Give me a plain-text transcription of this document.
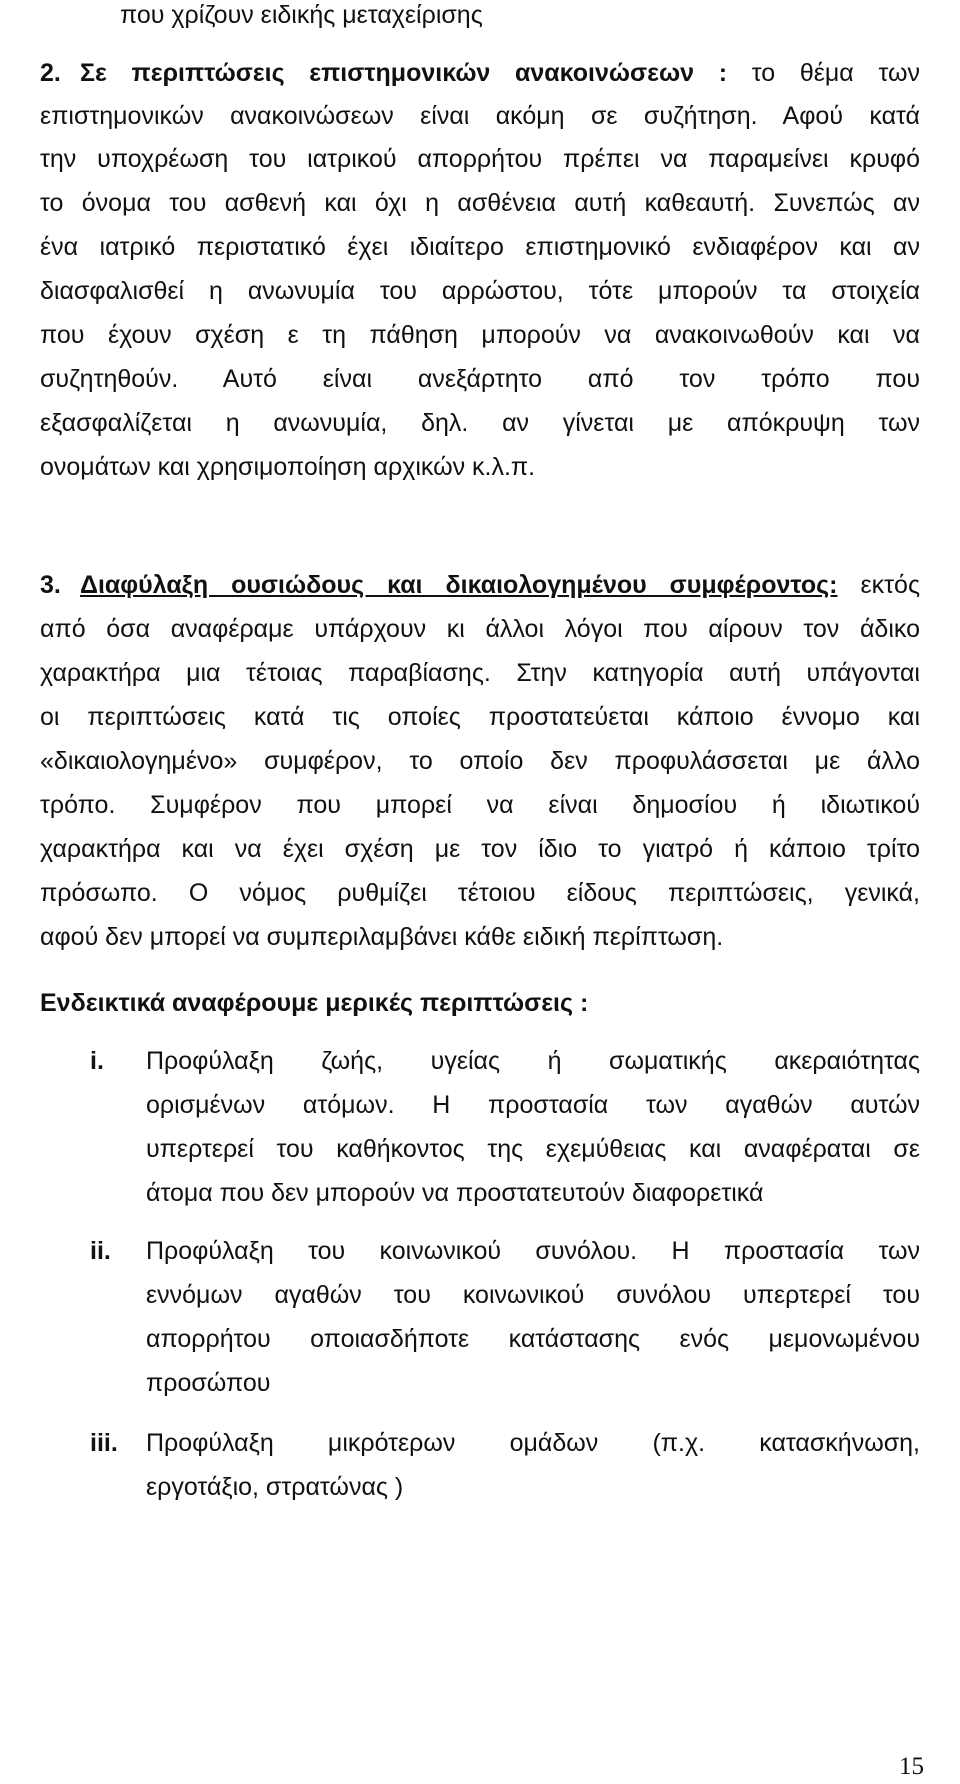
που χρίζουν ειδικής μεταχείρισης
2. Σε περιπτώσεις επιστημονικών ανακοινώσεων : το θέμα των
επιστημονικών ανακοινώσεων είναι ακόμη σε συζήτηση. Αφού κατά
την υποχρέωση του ιατρικού απορρήτου πρέπει να παραμείνει κρυφό
το όνομα του ασθενή και όχι η ασθένεια αυτή καθεαυτή. Συνεπώς αν
ένα ιατρικό περιστατικό έχει ιδιαίτερο επιστημονικό ενδιαφέρον και αν
διασφαλισθεί η ανωνυμία του αρρώστου, τότε μπορούν τα στοιχεία
που έχουν σχέση ε τη πάθηση μπορούν να ανακοινωθούν και να
συζητηθούν. Αυτό είναι ανεξάρτητο από τον τρόπο που
εξασφαλίζεται η ανωνυμία, δηλ. αν γίνεται με απόκρυψη των
ονομάτων και χρησιμοποίηση αρχικών κ.λ.π.
3. Διαφύλαξη ουσιώδους και δικαιολογημένου συμφέροντος: εκτός
από όσα αναφέραμε υπάρχουν κι άλλοι λόγοι που αίρουν τον άδικο
χαρακτήρα μια τέτοιας παραβίασης. Στην κατηγορία αυτή υπάγονται
οι περιπτώσεις κατά τις οποίες προστατεύεται κάποιο έννομο και
«δικαιολογημένο» συμφέρον, το οποίο δεν προφυλάσσεται με άλλο
τρόπο. Συμφέρον που μπορεί να είναι δημοσίου ή ιδιωτικού
χαρακτήρα και να έχει σχέση με τον ίδιο το γιατρό ή κάποιο τρίτο
πρόσωπο. Ο νόμος ρυθμίζει τέτοιου είδους περιπτώσεις, γενικά,
αφού δεν μπορεί να συμπεριλαμβάνει κάθε ειδική περίπτωση.
Ενδεικτικά αναφέρουμε μερικές περιπτώσεις :
i. Προφύλαξη ζωής, υγείας ή σωματικής ακεραιότητας
ορισμένων ατόμων. Η προστασία των αγαθών αυτών
υπερτερεί του καθήκοντος της εχεμύθειας και αναφέραται σε
άτομα που δεν μπορούν να προστατευτούν διαφορετικά
ii. Προφύλαξη του κοινωνικού συνόλου. Η προστασία των
εννόμων αγαθών του κοινωνικού συνόλου υπερτερεί του
απορρήτου οποιασδήποτε κατάστασης ενός μεμονωμένου
προσώπου
iii. Προφύλαξη μικρότερων ομάδων (π.χ. κατασκήνωση,
εργοτάξιο, στρατώνας )
15
